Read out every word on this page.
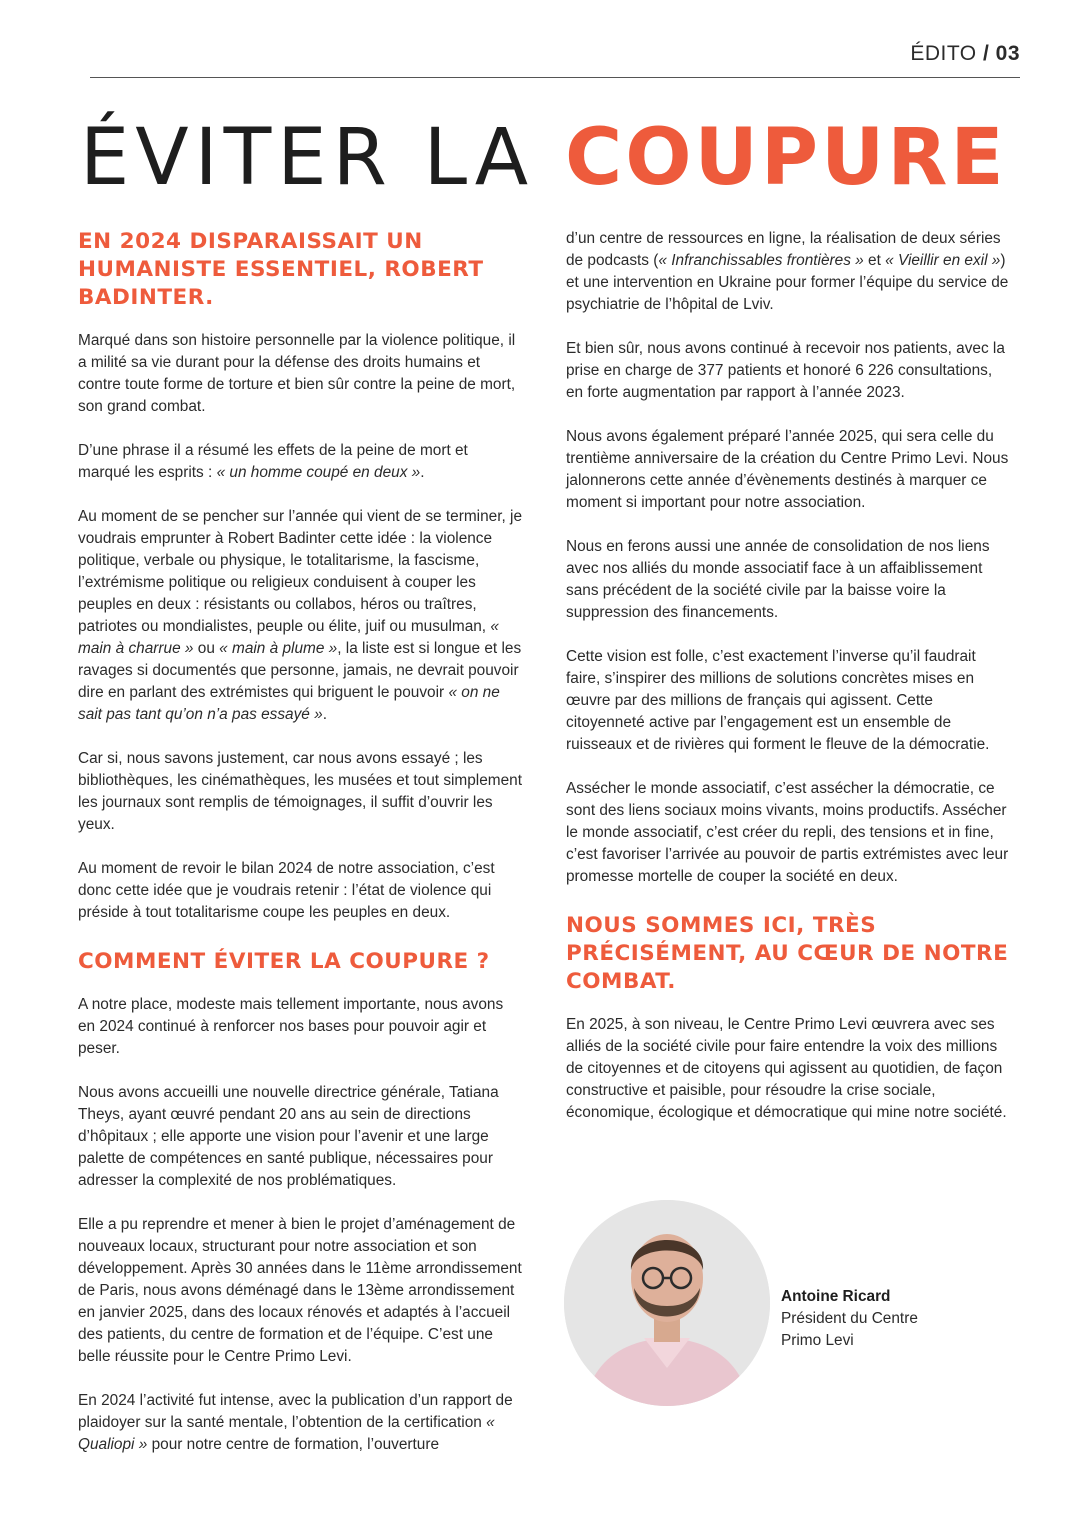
ÉDITO / 03
ÉVITER LA COUPURE
EN 2024 DISPARAISSAIT UN HUMANISTE ESSENTIEL, ROBERT BADINTER.

Marqué dans son histoire personnelle par la violence politique, il a milité sa vie durant pour la défense des droits humains et contre toute forme de torture et bien sûr contre la peine de mort, son grand combat.

D’une phrase il a résumé les effets de la peine de mort et marqué les esprits : « un homme coupé en deux ».

Au moment de se pencher sur l’année qui vient de se terminer, je voudrais emprunter à Robert Badinter cette idée : la violence politique, verbale ou physique, le totalitarisme, la fascisme, l’extrémisme politique ou religieux conduisent à couper les peuples en deux : résistants ou collabos, héros ou traîtres, patriotes ou mondialistes, peuple ou élite, juif ou musulman, « main à charrue » ou « main à plume », la liste est si longue et les ravages si documentés que personne, jamais, ne devrait pouvoir dire en parlant des extrémistes qui briguent le pouvoir « on ne sait pas tant qu’on n’a pas essayé ».

Car si, nous savons justement, car nous avons essayé ; les bibliothèques, les cinémathèques, les musées et tout simplement les journaux sont remplis de témoignages, il suffit d’ouvrir les yeux.

Au moment de revoir le bilan 2024 de notre association, c’est donc cette idée que je voudrais retenir : l’état de violence qui préside à tout totalitarisme coupe les peuples en deux.

COMMENT ÉVITER LA COUPURE ?

A notre place, modeste mais tellement importante, nous avons en 2024 continué à renforcer nos bases pour pouvoir agir et peser.

Nous avons accueilli une nouvelle directrice générale, Tatiana Theys, ayant œuvré pendant 20 ans au sein de directions d’hôpitaux ; elle apporte une vision pour l’avenir et une large palette de compétences en santé publique, nécessaires pour adresser la complexité de nos problématiques.

Elle a pu reprendre et mener à bien le projet d’aménagement de nouveaux locaux, structurant pour notre association et son développement. Après 30 années dans le 11ème arrondissement de Paris, nous avons déménagé dans le 13ème arrondissement en janvier 2025, dans des locaux rénovés et adaptés à l’accueil des patients, du centre de formation et de l’équipe. C’est une belle réussite pour le Centre Primo Levi.

En 2024 l’activité fut intense, avec la publication d’un rapport de plaidoyer sur la santé mentale, l’obtention de la certification « Qualiopi » pour notre centre de formation, l’ouverture

d’un centre de ressources en ligne, la réalisation de deux séries de podcasts (« Infranchissables frontières » et « Vieillir en exil ») et une intervention en Ukraine pour former l’équipe du service de psychiatrie de l’hôpital de Lviv.

Et bien sûr, nous avons continué à recevoir nos patients, avec la prise en charge de 377 patients et honoré 6 226 consultations, en forte augmentation par rapport à l’année 2023.

Nous avons également préparé l’année 2025, qui sera celle du trentième anniversaire de la création du Centre Primo Levi. Nous jalonnerons cette année d’évènements destinés à marquer ce moment si important pour notre association.

Nous en ferons aussi une année de consolidation de nos liens avec nos alliés du monde associatif face à un affaiblissement sans précédent de la société civile par la baisse voire la suppression des financements.

Cette vision est folle, c’est exactement l’inverse qu’il faudrait faire, s’inspirer des millions de solutions concrètes mises en œuvre par des millions de français qui agissent. Cette citoyenneté active par l’engagement est un ensemble de ruisseaux et de rivières qui forment le fleuve de la démocratie.

Assécher le monde associatif, c’est assécher la démocratie, ce sont des liens sociaux moins vivants, moins productifs. Assécher le monde associatif, c’est créer du repli, des tensions et in fine, c’est favoriser l’arrivée au pouvoir de partis extrémistes avec leur promesse mortelle de couper la société en deux.

NOUS SOMMES ICI, TRÈS PRÉCISÉMENT, AU CŒUR DE NOTRE COMBAT.

En 2025, à son niveau, le Centre Primo Levi œuvrera avec ses alliés de la société civile pour faire entendre la voix des millions de citoyennes et de citoyens qui agissent au quotidien, de façon constructive et paisible, pour résoudre la crise sociale, économique, écologique et démocratique qui mine notre société.

Antoine Ricard
Président du Centre Primo Levi
